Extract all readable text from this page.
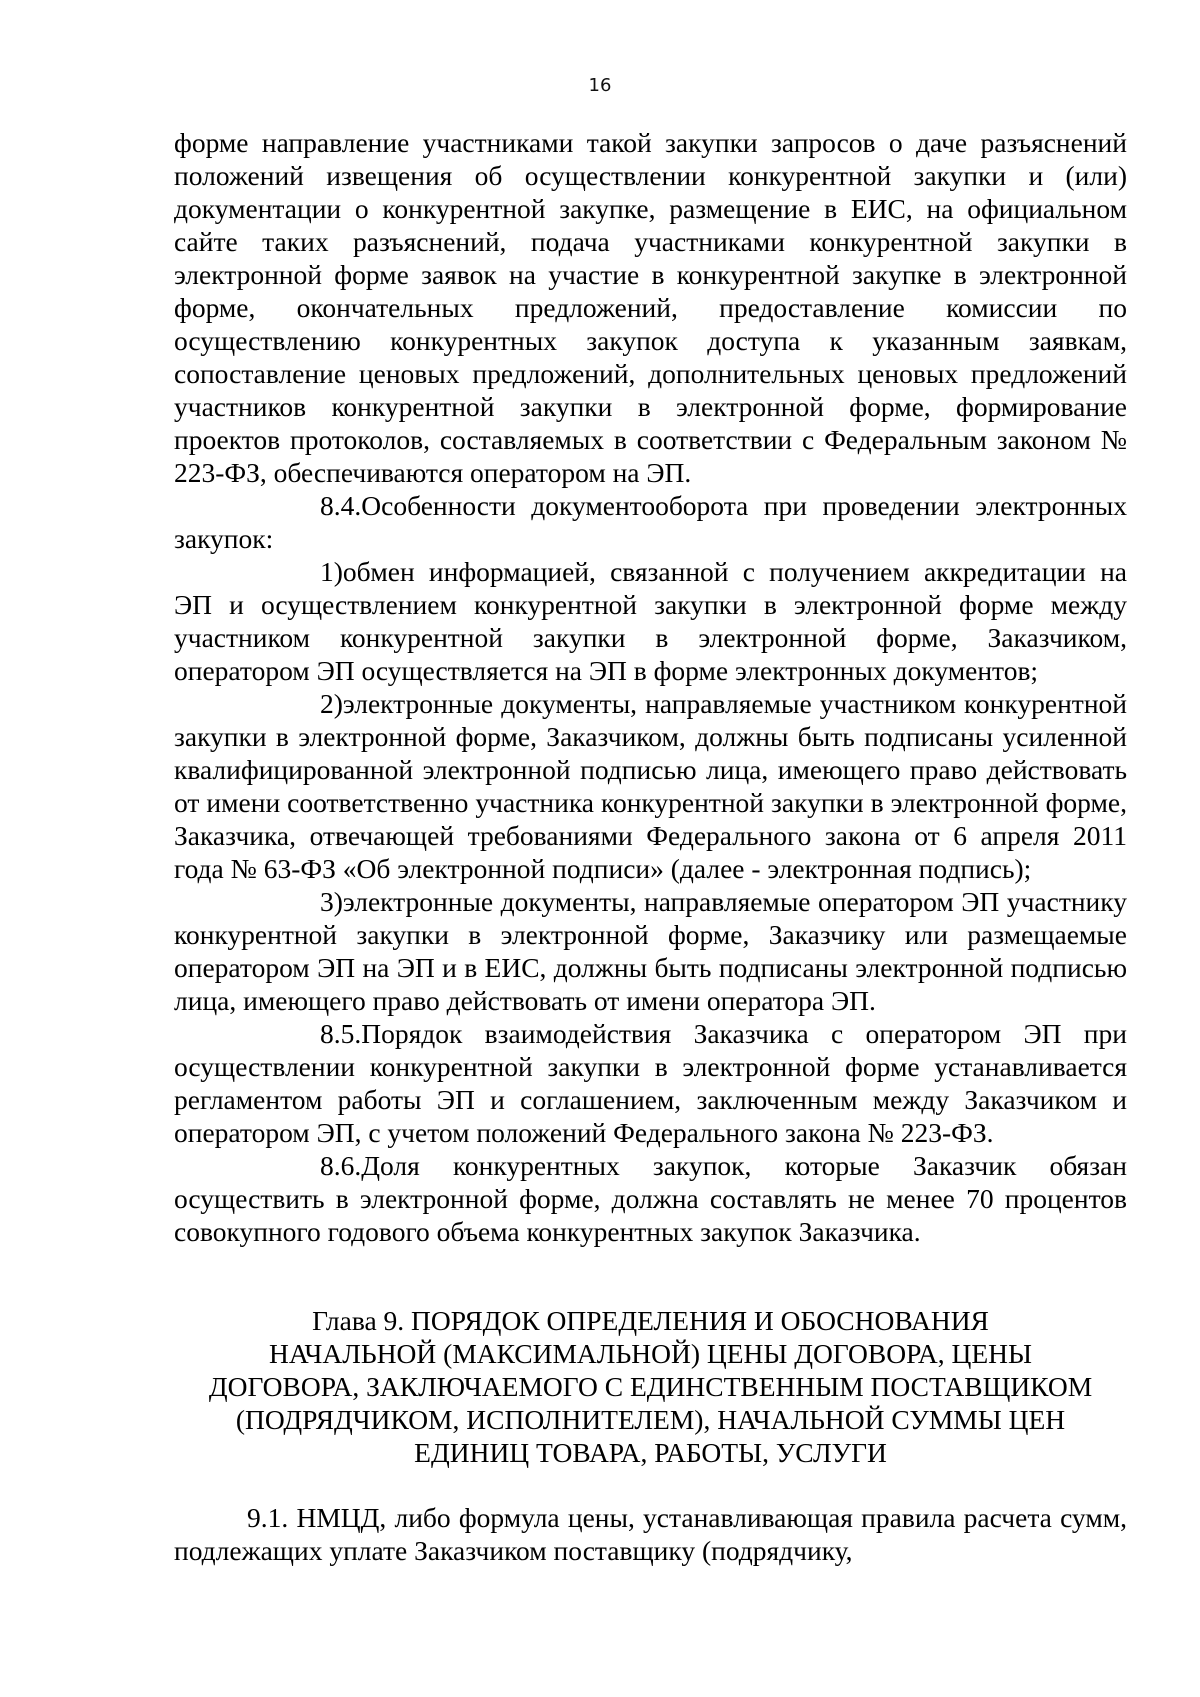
16

форме направление участниками такой закупки запросов о даче разъяснений положений извещения об осуществлении конкурентной закупки и (или) документации о конкурентной закупке, размещение в ЕИС, на официальном сайте таких разъяснений, подача участниками конкурентной закупки в электронной форме заявок на участие в конкурентной закупке в электронной форме, окончательных предложений, предоставление комиссии по осуществлению конкурентных закупок доступа к указанным заявкам, сопоставление ценовых предложений, дополнительных ценовых предложений участников конкурентной закупки в электронной форме, формирование проектов протоколов, составляемых в соответствии с Федеральным законом № 223-ФЗ, обеспечиваются оператором на ЭП.

8.4.Особенности документооборота при проведении электронных закупок:

1)обмен информацией, связанной с получением аккредитации на ЭП и осуществлением конкурентной закупки в электронной форме между участником конкурентной закупки в электронной форме, Заказчиком, оператором ЭП осуществляется на ЭП в форме электронных документов;

2)электронные документы, направляемые участником конкурентной закупки в электронной форме, Заказчиком, должны быть подписаны усиленной квалифицированной электронной подписью лица, имеющего право действовать от имени соответственно участника конкурентной закупки в электронной форме, Заказчика, отвечающей требованиями Федерального закона от 6 апреля 2011 года № 63-ФЗ «Об электронной подписи» (далее - электронная подпись);

3)электронные документы, направляемые оператором ЭП участнику конкурентной закупки в электронной форме, Заказчику или размещаемые оператором ЭП на ЭП и в ЕИС, должны быть подписаны электронной подписью лица, имеющего право действовать от имени оператора ЭП.

8.5.Порядок взаимодействия Заказчика с оператором ЭП при осуществлении конкурентной закупки в электронной форме устанавливается регламентом работы ЭП и соглашением, заключенным между Заказчиком и оператором ЭП, с учетом положений Федерального закона № 223-ФЗ.

8.6.Доля конкурентных закупок, которые Заказчик обязан осуществить в электронной форме, должна составлять не менее 70 процентов совокупного годового объема конкурентных закупок Заказчика.

Глава 9. ПОРЯДОК ОПРЕДЕЛЕНИЯ И ОБОСНОВАНИЯ
НАЧАЛЬНОЙ (МАКСИМАЛЬНОЙ) ЦЕНЫ ДОГОВОРА, ЦЕНЫ
ДОГОВОРА, ЗАКЛЮЧАЕМОГО С ЕДИНСТВЕННЫМ ПОСТАВЩИКОМ
(ПОДРЯДЧИКОМ, ИСПОЛНИТЕЛЕМ), НАЧАЛЬНОЙ СУММЫ ЦЕН
ЕДИНИЦ ТОВАРА, РАБОТЫ, УСЛУГИ

9.1. НМЦД, либо формула цены, устанавливающая правила расчета сумм, подлежащих уплате Заказчиком поставщику (подрядчику,
